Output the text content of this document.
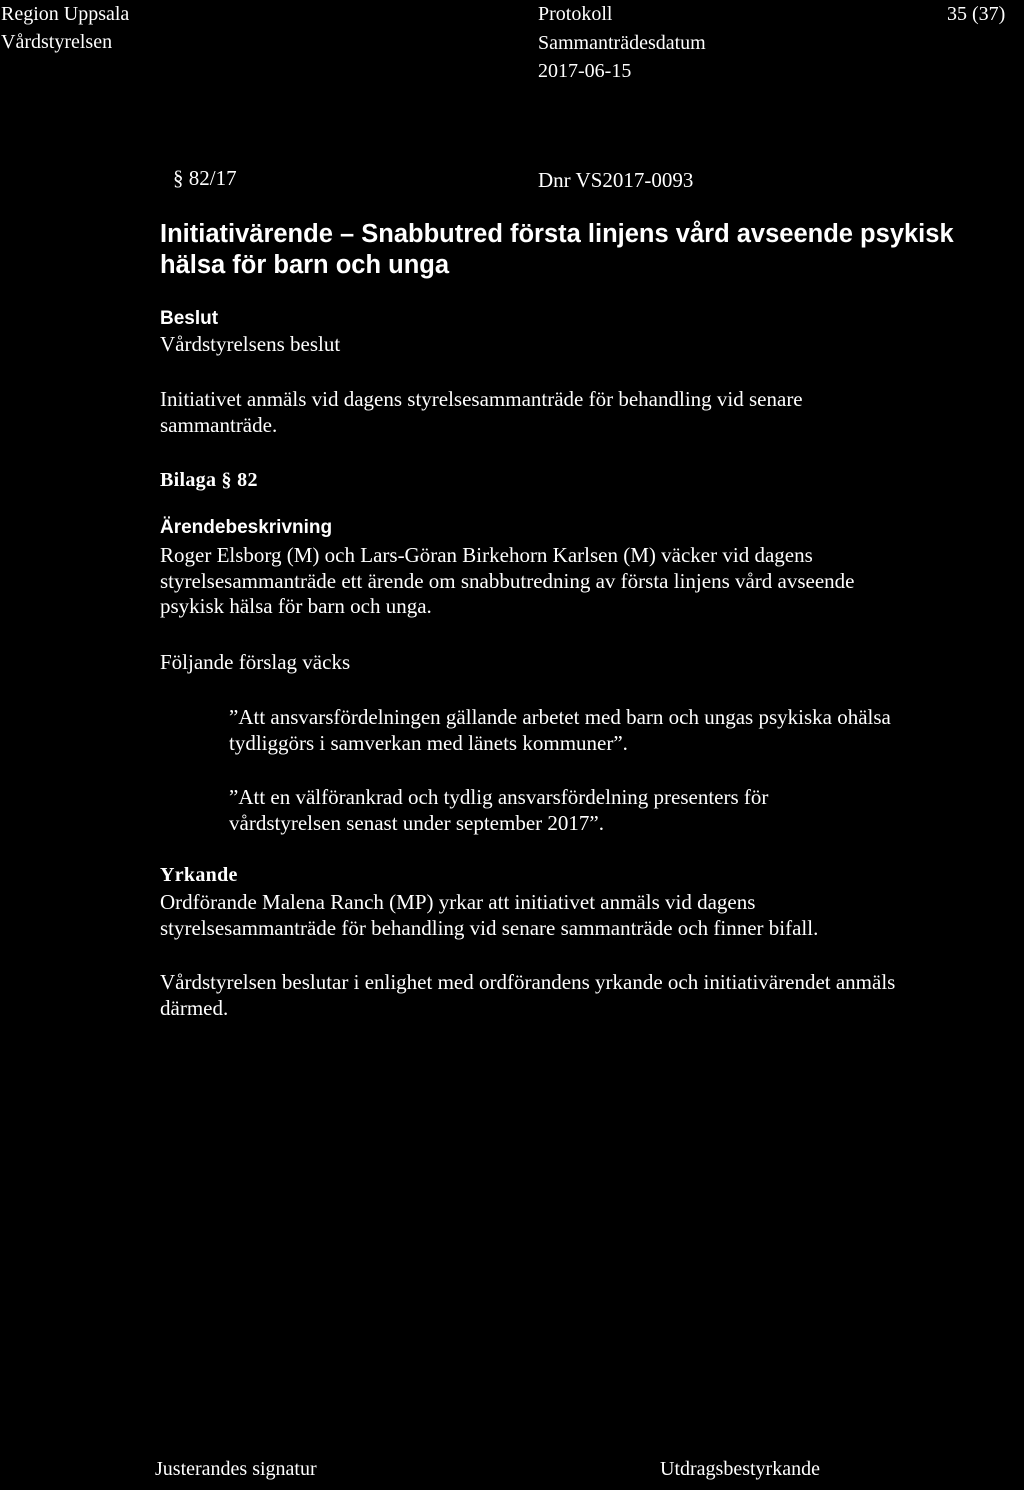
Region Uppsala
Vårdstyrelsen
Protokoll
Sammanträdesdatum
2017-06-15
35 (37)
§ 82/17	Dnr VS2017-0093
Initiativärende – Snabbutred första linjens vård avseende psykisk hälsa för barn och unga
Beslut
Vårdstyrelsens beslut
Initiativet anmäls vid dagens styrelsesammanträde för behandling vid senare sammanträde.
Bilaga § 82
Ärendebeskrivning
Roger Elsborg (M) och Lars-Göran Birkehorn Karlsen (M) väcker vid dagens styrelsesammanträde ett ärende om snabbutredning av första linjens vård avseende psykisk hälsa för barn och unga.
Följande förslag väcks
”Att ansvarsfördelningen gällande arbetet med barn och ungas psykiska ohälsa tydliggörs i samverkan med länets kommuner”.
”Att en välförankrad och tydlig ansvarsfördelning presenters för vårdstyrelsen senast under september 2017”.
Yrkande
Ordförande Malena Ranch (MP) yrkar att initiativet anmäls vid dagens styrelsesammanträde för behandling vid senare sammanträde och finner bifall.
Vårdstyrelsen beslutar i enlighet med ordförandens yrkande och initiativärendet anmäls därmed.
Justerandes signatur	Utdragsbestyrkande
